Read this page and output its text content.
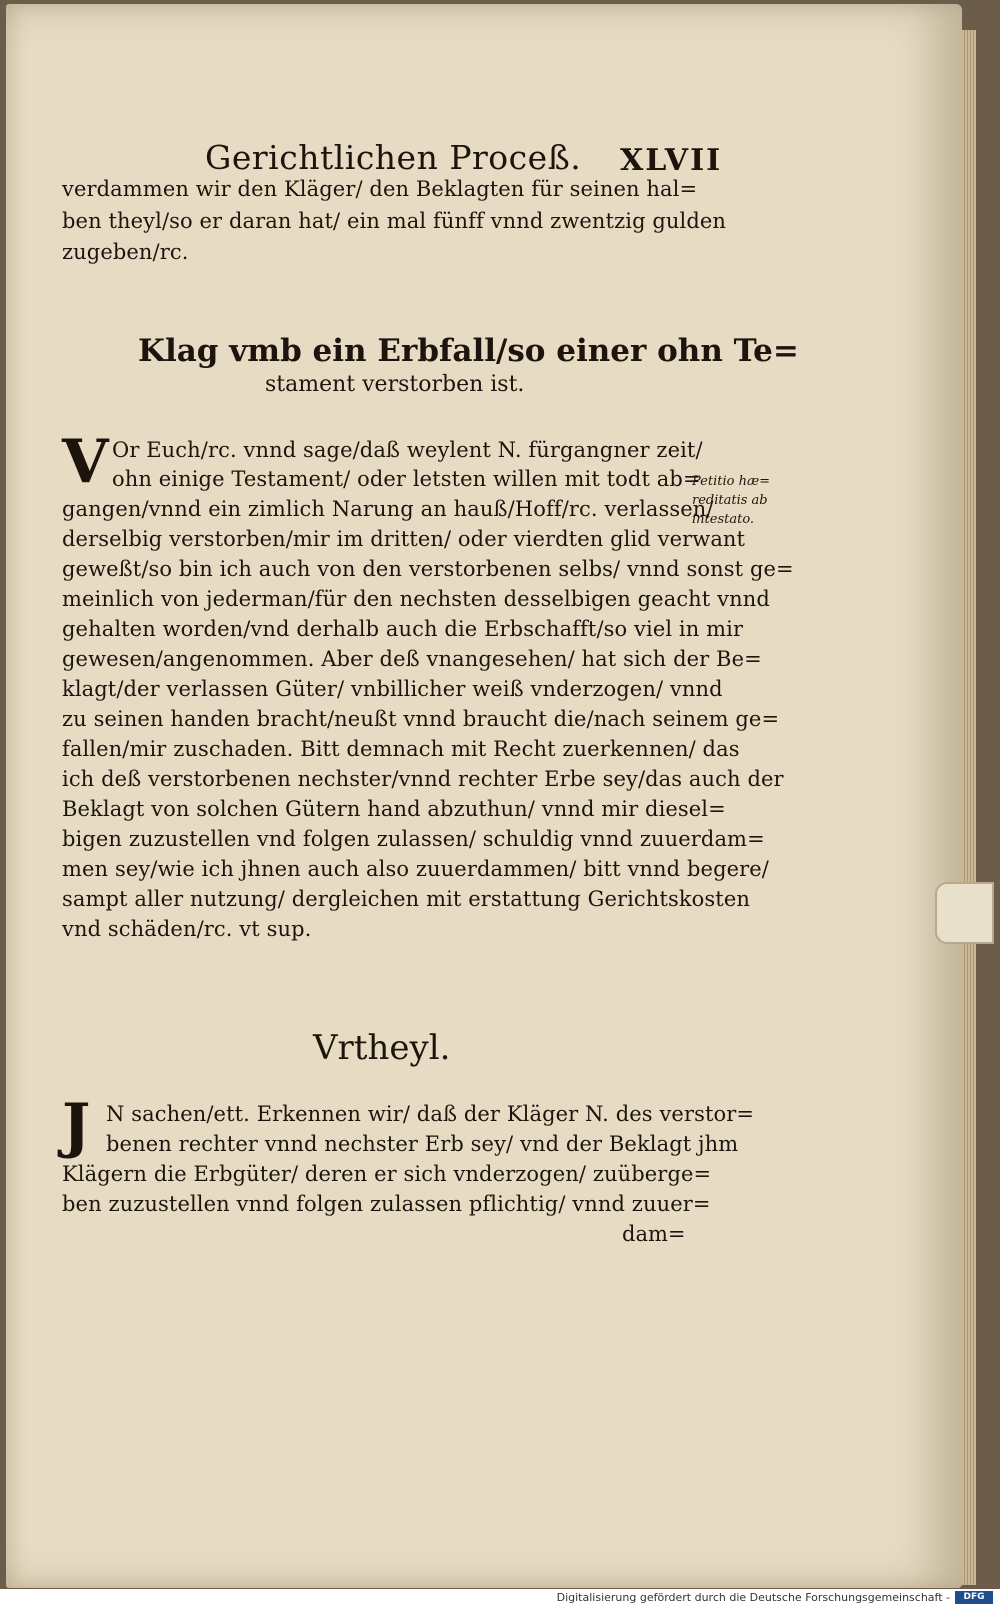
Gerichtlichen Proceß. XLVII
verdammen wir den Kläger/ den Beklagten für seinen hal=
ben theyl/so er daran hat/ ein mal fünff vnnd zwentzig gulden
zugeben/rc.
Klag vmb ein Erbfall/so einer ohn Te=
stament verstorben ist.
V Or Euch/rc. vnnd sage/daß weylent N. fürgangner zeit/
ohn einige Testament/ oder letsten willen mit todt ab=
gangen/vnnd ein zimlich Narung an hauß/Hoff/rc. verlassen/
derselbig verstorben/mir im dritten/ oder vierdten glid verwant
geweßt/so bin ich auch von den verstorbenen selbs/ vnnd sonst ge=
meinlich von jederman/für den nechsten desselbigen geacht vnnd
gehalten worden/vnd derhalb auch die Erbschafft/so viel in mir
gewesen/angenommen. Aber deß vnangesehen/ hat sich der Be=
klagt/der verlassen Güter/ vnbillicher weiß vnderzogen/ vnnd
zu seinen handen bracht/neußt vnnd braucht die/nach seinem ge=
fallen/mir zuschaden. Bitt demnach mit Recht zuerkennen/ das
ich deß verstorbenen nechster/vnnd rechter Erbe sey/das auch der
Beklagt von solchen Gütern hand abzuthun/ vnnd mir diesel=
bigen zuzustellen vnd folgen zulassen/ schuldig vnnd zuuerdam=
men sey/wie ich jhnen auch also zuuerdammen/ bitt vnnd begere/
sampt aller nutzung/ dergleichen mit erstattung Gerichtskosten
vnd schäden/rc. vt sup.
Petitio hæ=
reditatis ab
intestato.
Vrtheyl.
J N sachen/ett. Erkennen wir/ daß der Kläger N. des verstor=
benen rechter vnnd nechster Erb sey/ vnd der Beklagt jhm
Klägern die Erbgüter/ deren er sich vnderzogen/ zuüberge=
ben zuzustellen vnnd folgen zulassen pflichtig/ vnnd zuuer=
dam=
Digitalisierung gefördert durch die Deutsche Forschungsgemeinschaft -	DFG
